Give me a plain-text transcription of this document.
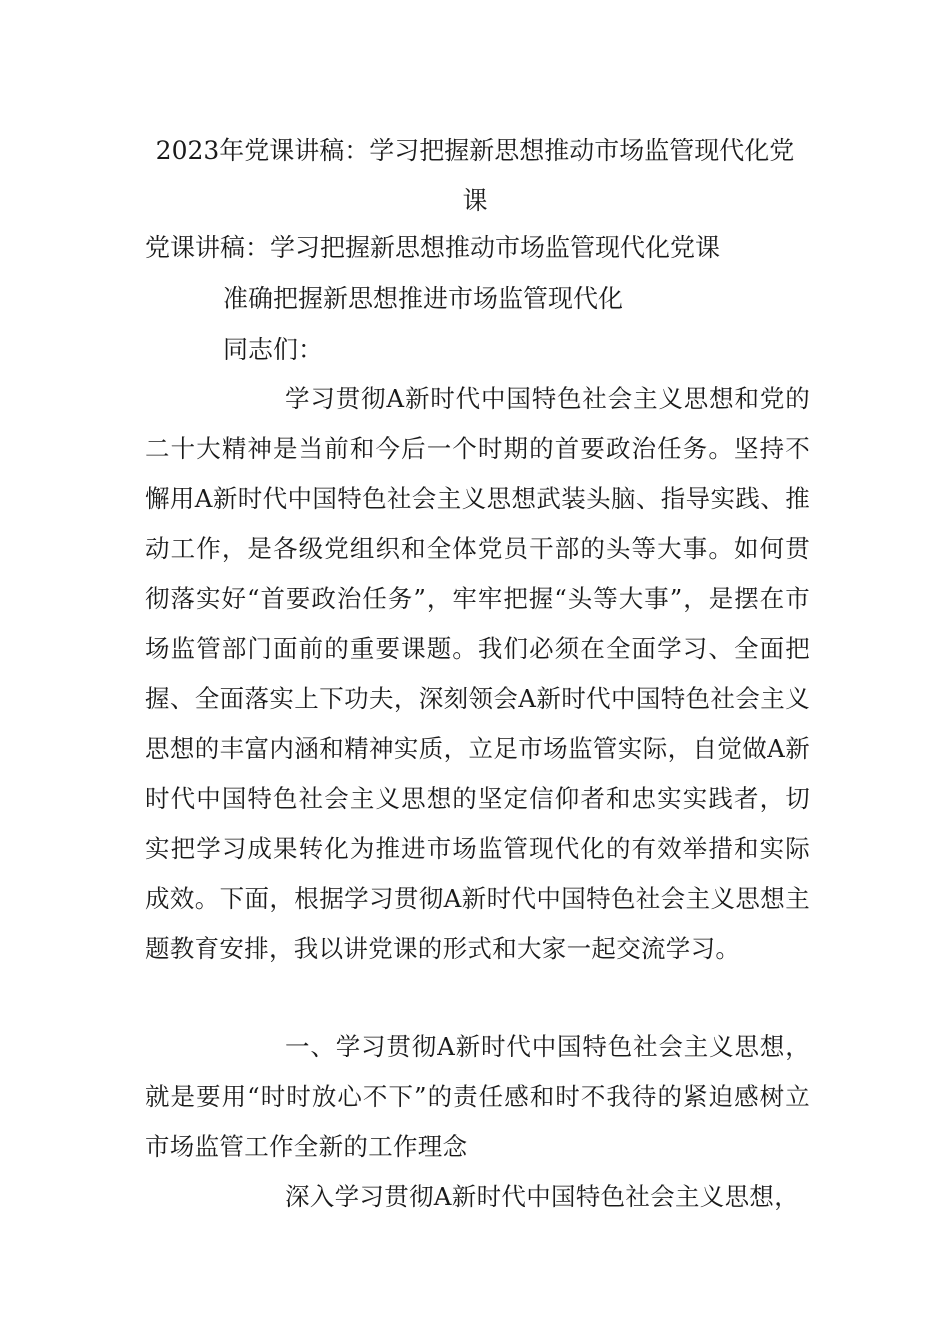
2023年党课讲稿：学习把握新思想推动市场监管现代化党课

党课讲稿：学习把握新思想推动市场监管现代化党课

准确把握新思想推进市场监管现代化

同志们：

学习贯彻A新时代中国特色社会主义思想和党的二十大精神是当前和今后一个时期的首要政治任务。坚持不懈用A新时代中国特色社会主义思想武装头脑、指导实践、推动工作，是各级党组织和全体党员干部的头等大事。如何贯彻落实好“首要政治任务”，牢牢把握“头等大事”，是摆在市场监管部门面前的重要课题。我们必须在全面学习、全面把握、全面落实上下功夫，深刻领会A新时代中国特色社会主义思想的丰富内涵和精神实质，立足市场监管实际，自觉做A新时代中国特色社会主义思想的坚定信仰者和忠实实践者，切实把学习成果转化为推进市场监管现代化的有效举措和实际成效。下面，根据学习贯彻A新时代中国特色社会主义思想主题教育安排，我以讲党课的形式和大家一起交流学习。

一、学习贯彻A新时代中国特色社会主义思想，就是要用“时时放心不下”的责任感和时不我待的紧迫感树立市场监管工作全新的工作理念

深入学习贯彻A新时代中国特色社会主义思想，
